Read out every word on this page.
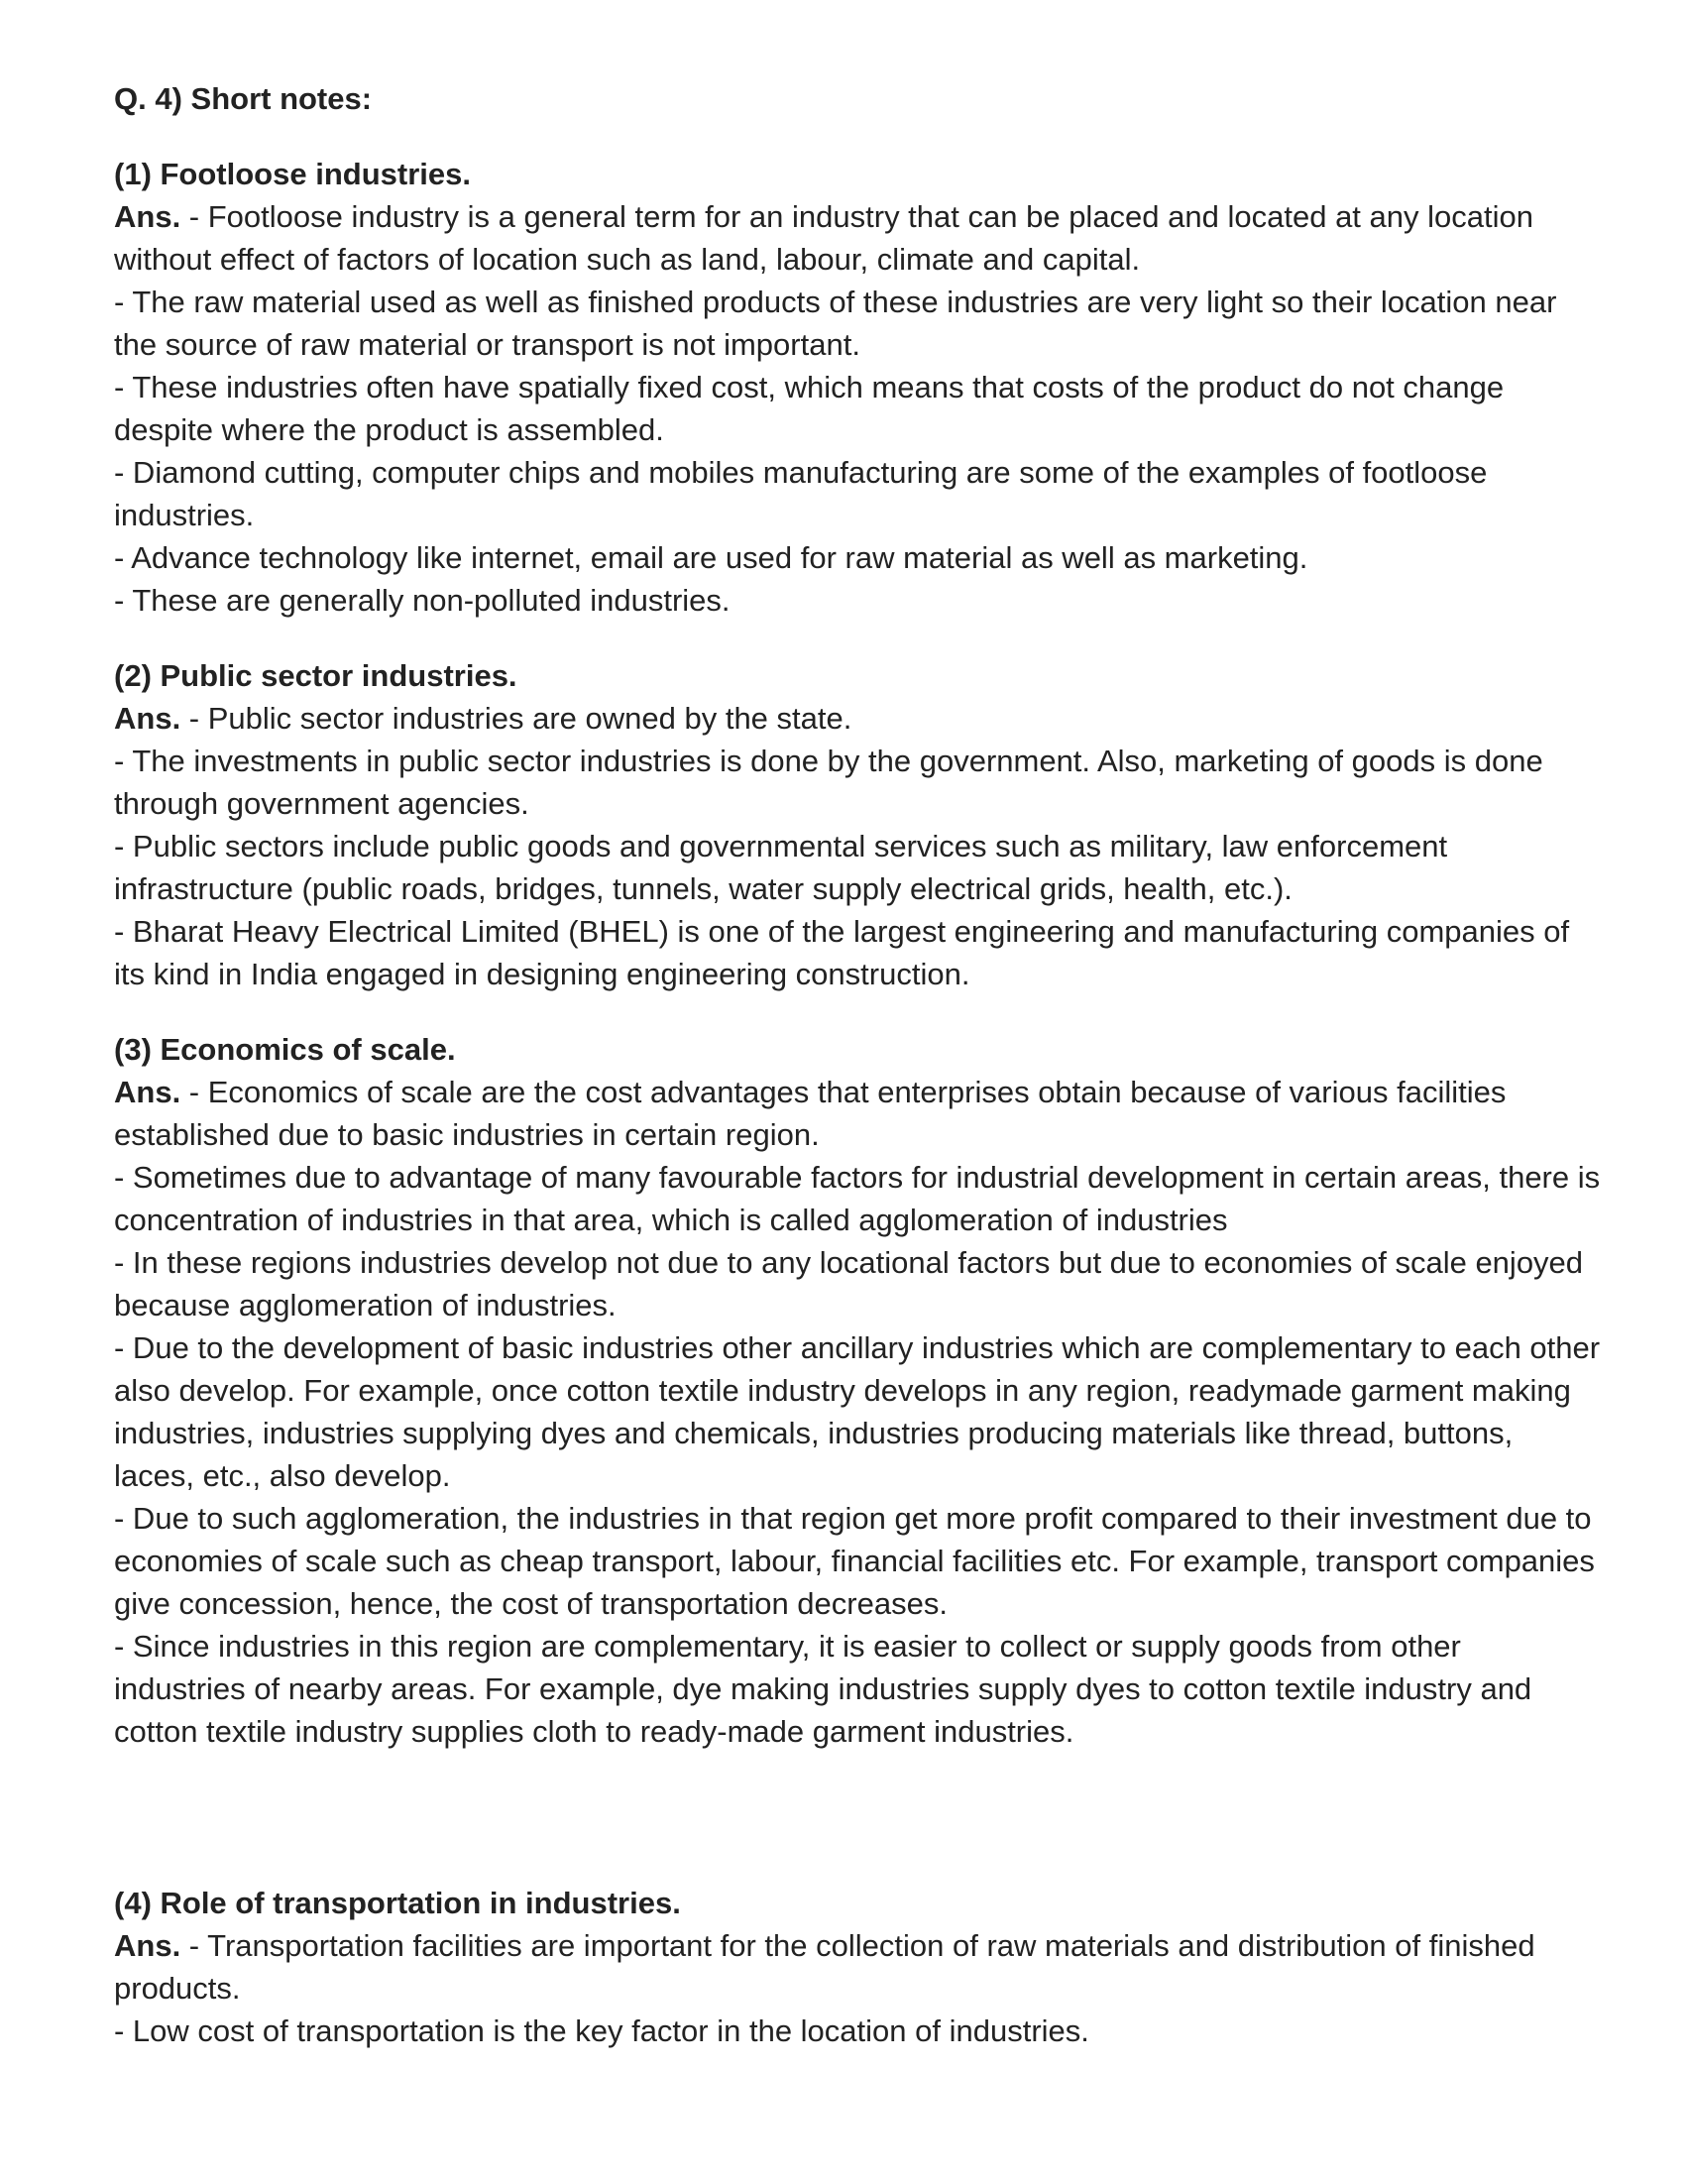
Q. 4) Short notes:
(1) Footloose industries.

Ans. - Footloose industry is a general term for an industry that can be placed and located at any location without effect of factors of location such as land, labour, climate and capital.

- The raw material used as well as finished products of these industries are very light so their location near the source of raw material or transport is not important.

- These industries often have spatially fixed cost, which means that costs of the product do not change despite where the product is assembled.

- Diamond cutting, computer chips and mobiles manufacturing are some of the examples of footloose industries.

- Advance technology like internet, email are used for raw material as well as marketing.

- These are generally non-polluted industries.

(2) Public sector industries.

Ans. - Public sector industries are owned by the state.

- The investments in public sector industries is done by the government. Also, marketing of goods is done through government agencies.

- Public sectors include public goods and governmental services such as military, law enforcement infrastructure (public roads, bridges, tunnels, water supply electrical grids, health, etc.).

- Bharat Heavy Electrical Limited (BHEL) is one of the largest engineering and manufacturing companies of its kind in India engaged in designing engineering construction.

(3) Economics of scale.

Ans. - Economics of scale are the cost advantages that enterprises obtain because of various facilities established due to basic industries in certain region.

- Sometimes due to advantage of many favourable factors for industrial development in certain areas, there is concentration of industries in that area, which is called agglomeration of industries

- In these regions industries develop not due to any locational factors but due to economies of scale enjoyed because agglomeration of industries.

- Due to the development of basic industries other ancillary industries which are complementary to each other also develop. For example, once cotton textile industry develops in any region, readymade garment making industries, industries supplying dyes and chemicals, industries producing materials like thread, buttons, laces, etc., also develop.

- Due to such agglomeration, the industries in that region get more profit compared to their investment due to economies of scale such as cheap transport, labour, financial facilities etc. For example, transport companies give concession, hence, the cost of transportation decreases.

- Since industries in this region are complementary, it is easier to collect or supply goods from other industries of nearby areas. For example, dye making industries supply dyes to cotton textile industry and cotton textile industry supplies cloth to ready-made garment industries.

(4) Role of transportation in industries.

Ans. - Transportation facilities are important for the collection of raw materials and distribution of finished products.

- Low cost of transportation is the key factor in the location of industries.
